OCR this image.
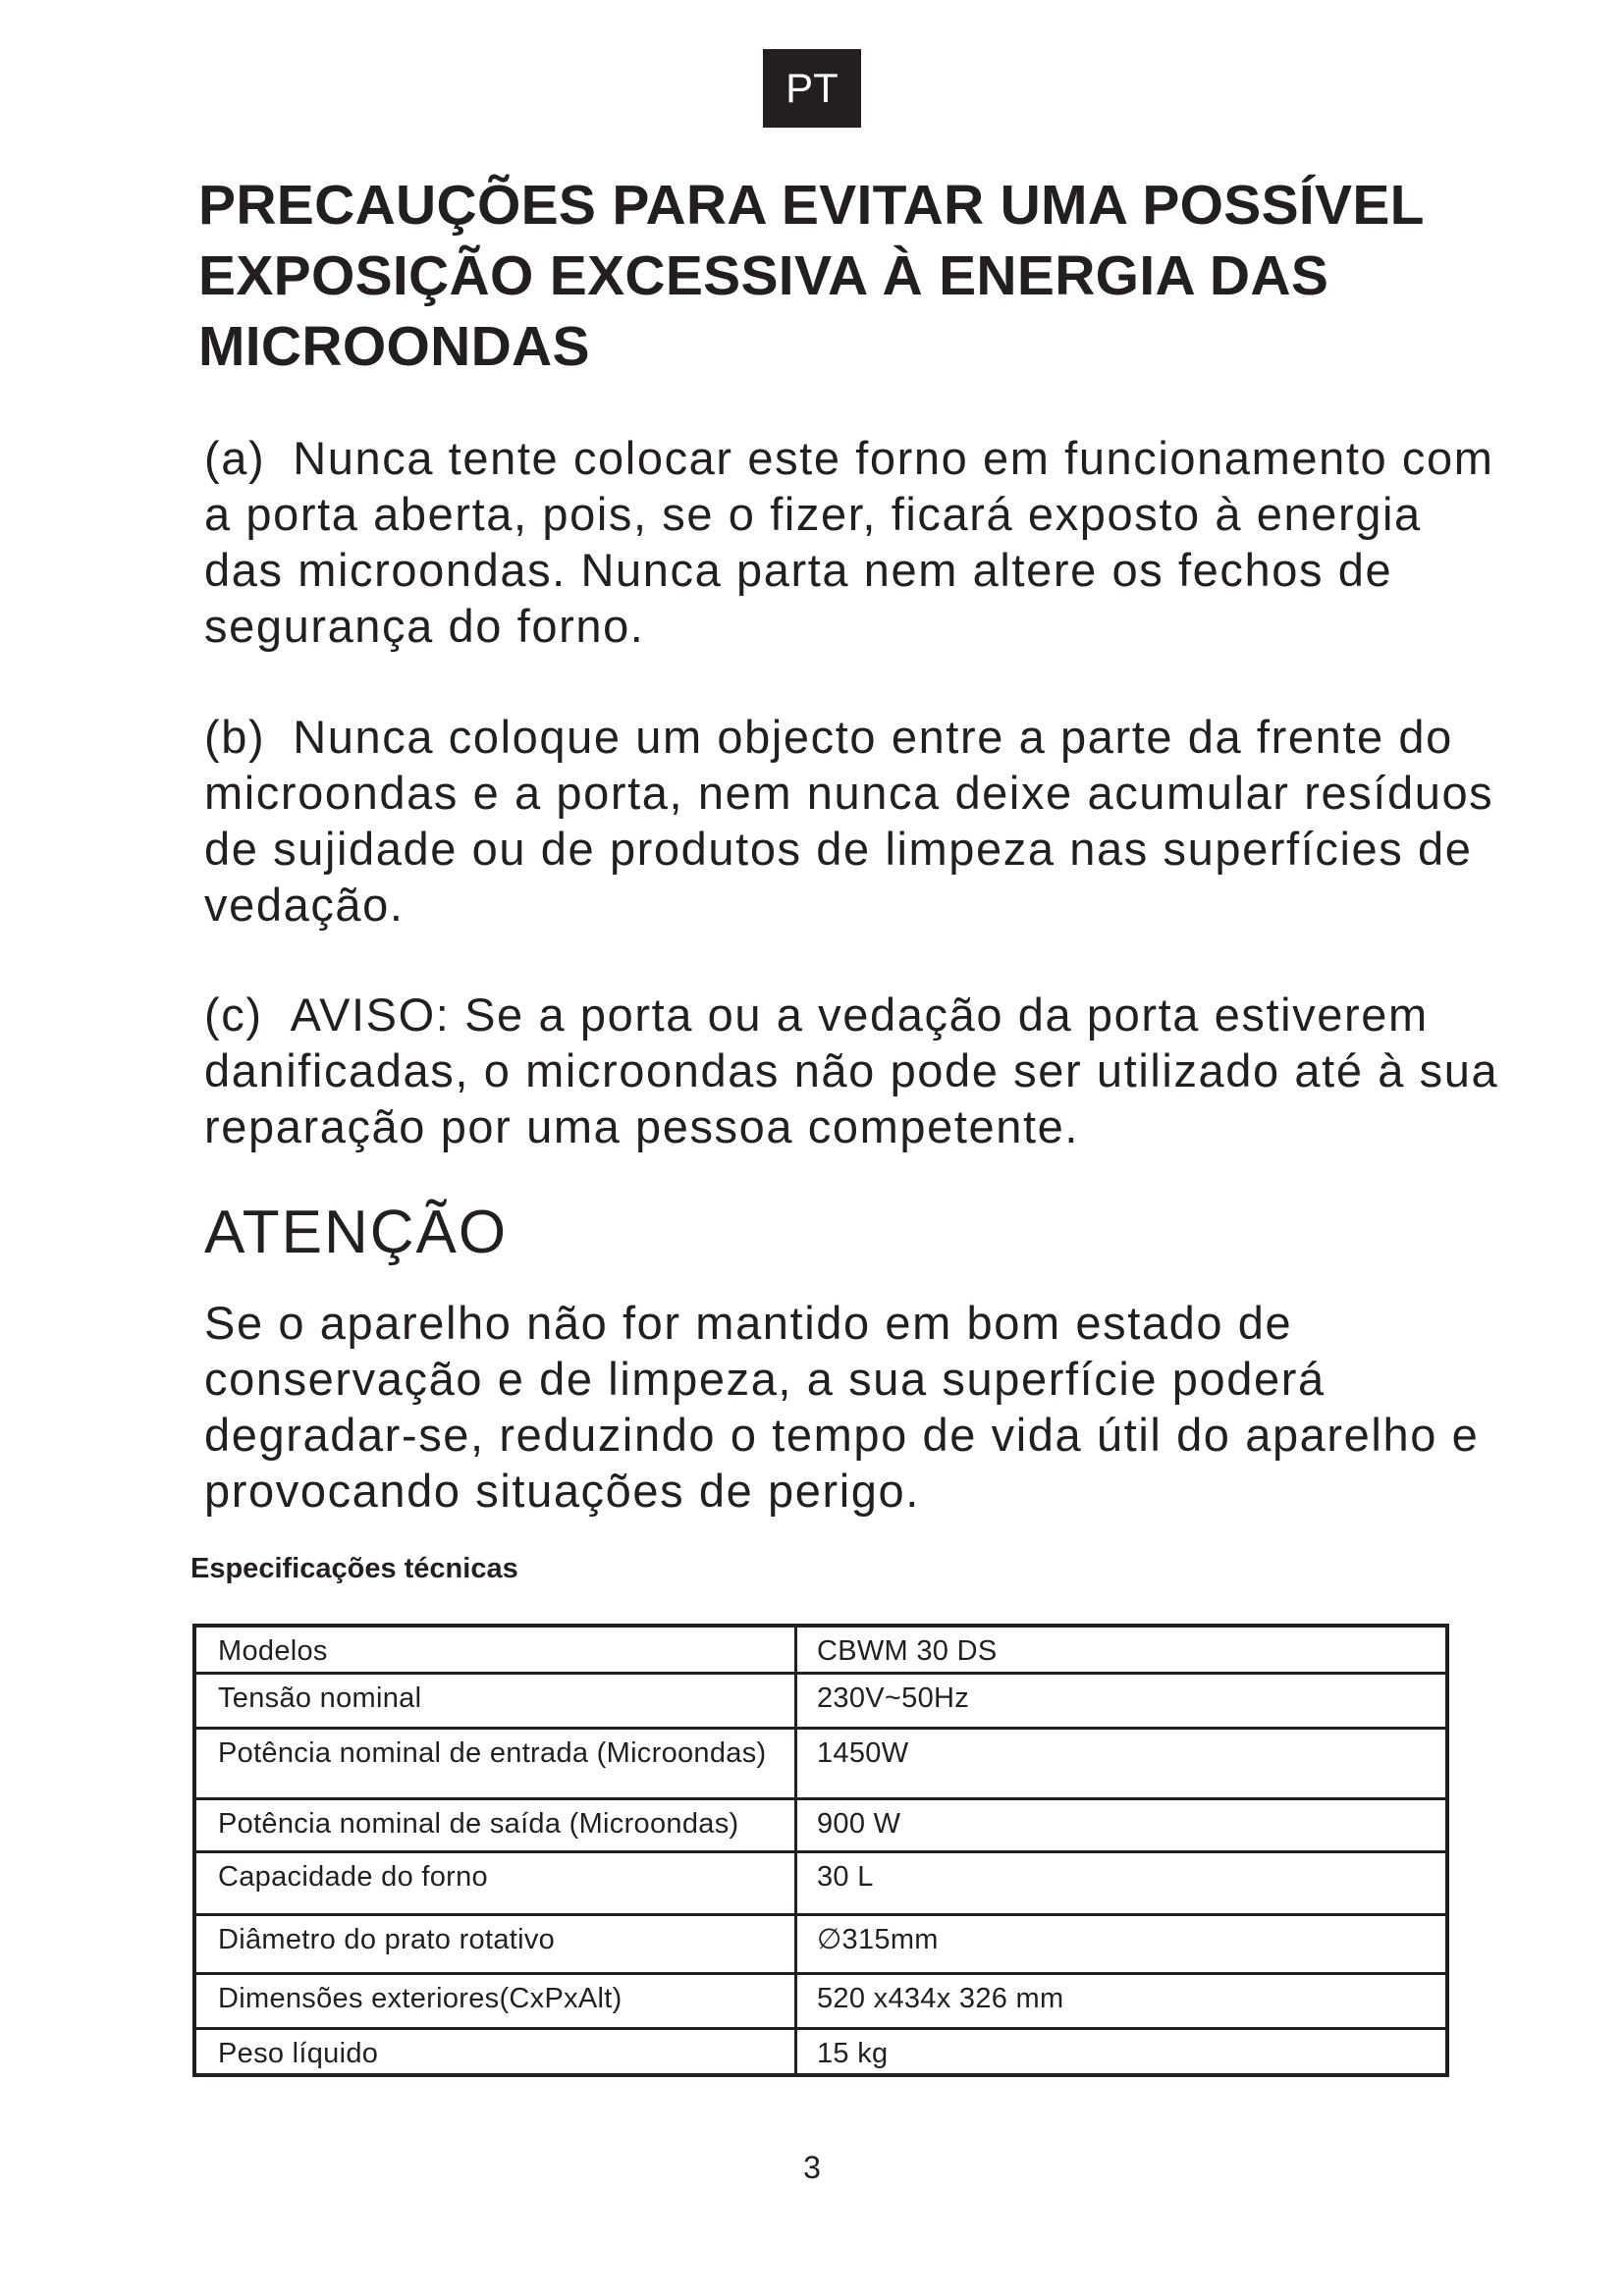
PT
PRECAUÇÕES PARA EVITAR UMA POSSÍVEL EXPOSIÇÃO EXCESSIVA À ENERGIA DAS MICROONDAS

(a) Nunca tente colocar este forno em funcionamento com a porta aberta, pois, se o fizer, ficará exposto à energia das microondas. Nunca parta nem altere os fechos de segurança do forno.

(b) Nunca coloque um objecto entre a parte da frente do microondas e a porta, nem nunca deixe acumular resíduos de sujidade ou de produtos de limpeza nas superfícies de vedação.

(c) AVISO: Se a porta ou a vedação da porta estiverem danificadas, o microondas não pode ser utilizado até à sua reparação por uma pessoa competente.

ATENÇÃO

Se o aparelho não for mantido em bom estado de conservação e de limpeza, a sua superfície poderá degradar-se, reduzindo o tempo de vida útil do aparelho e provocando situações de perigo.

Especificações técnicas
Modelos	CBWM 30 DS
Tensão nominal	230V~50Hz
Potência nominal de entrada (Microondas)	1450W
Potência nominal de saída (Microondas)	900 W
Capacidade do forno	30 L
Diâmetro do prato rotativo	∅315mm
Dimensões exteriores(CxPxAlt)	520 x434x 326 mm
Peso líquido	15 kg
3
